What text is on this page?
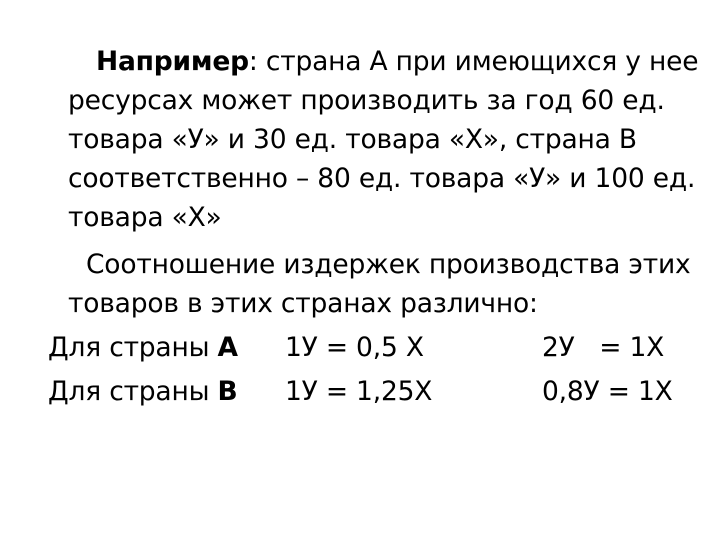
Например: страна А при имеющихся у нее
ресурсах может производить за год 60 ед.
товара «У» и 30 ед. товара «Х», страна В
соответственно – 80 ед. товара «У» и 100 ед.
товара «Х»
Соотношение издержек производства этих
товаров в этих странах различно:
Для страны А 1У = 0,5 Х	2У   = 1Х
Для страны В 1У = 1,25Х	0,8У = 1Х
